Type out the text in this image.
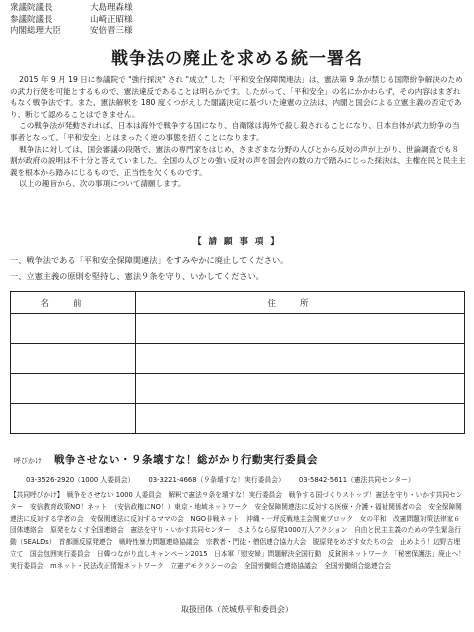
衆議院議長	大島理森様
参議院議長	山崎正昭様
内閣総理大臣	安倍晋三様
戦争法の廃止を求める統一署名

2015 年 9 月 19 日に参議院で "強行採決" され "成立" した「平和安全保障関連法」は、憲法第 9 条が禁じる国際紛争解決のための武力行使を可能とするもので、憲法違反であることは明らかです。したがって、「平和安全」の名にかかわらず、その内容はまぎれもなく戦争法です。また、憲法解釈を 180 度くつがえした閣議決定に基づいた違憲の立法は、内閣と国会による立憲主義の否定であり、断じて認めることはできません。

この戦争法が発動されれば、日本は海外で戦争する国になり、自衛隊は海外で殺し殺されることになり、日本自体が武力紛争の当事者となって、「平和安全」とはまったく逆の事態を招くことになります。

戦争法に対しては、国会審議の段階で、憲法の専門家をはじめ、さまざまな分野の人びとから反対の声が上がり、世論調査でも８割が政府の説明は不十分と答えていました。全国の人びとの強い反対の声を国会内の数の力で踏みにじった採決は、主権在民と民主主義を根本から踏みにじるもので、正当性を欠くものです。

以上の趣旨から、次の事項について請願します。

【 請 願 事 項 】
一、戦争法である「平和安全保障関連法」をすみやかに廃止してください。
一、立憲主義の原則を堅持し、憲法９条を守り、いかしてください。
名前	住所

呼びかけ	戦争させない・９条壊すな！総がかり行動実行委員会
03-3526-2920（1000 人委員会） 03-3221-4668（９条壊すな！実行委員会） 03-5842-5611（憲法共同センター）
【共同呼びかけ】　戦争をさせない 1000 人委員会　解釈で憲法９条を壊すな！実行委員会　戦争する国づくりストップ！憲法を守り・いかす共同センター　安倍教育政策NO！ネット　（安倍政権にNO！）東京・地域ネットワーク　安全保障関連法に反対する医療・介護・福祉関係者の会　安全保障関連法に反対する学者の会　安保関連法に反対するママの会　NGO非戦ネット　沖縄・一坪反戦地主会関東ブロック　女の平和　改憲問題対策法律家６団体連絡会　原発をなくす全国連絡会　憲法を守り・いかす共同センター　さようなら原発1000万人アクション　自由と民主主義のための学生緊急行動（SEALDs）　首都圏反原発連合　戦時性暴力問題連絡協議会　宗教者・門徒・僧侶連合協力大会　脱原発をめざす女たちの会　止めよう！辺野古埋立て　国会包囲実行委員会　日韓つながり直しキャンペーン2015　日本軍「慰安婦」問題解決全国行動　反貧困ネットワーク　「秘密保護法」廃止へ！実行委員会　mネット・民法改正情報ネットワーク　立憲デモクラシーの会　全国労働組合連絡協議会　全国労働組合総連合会
取扱団体（茨城県平和委員会）
